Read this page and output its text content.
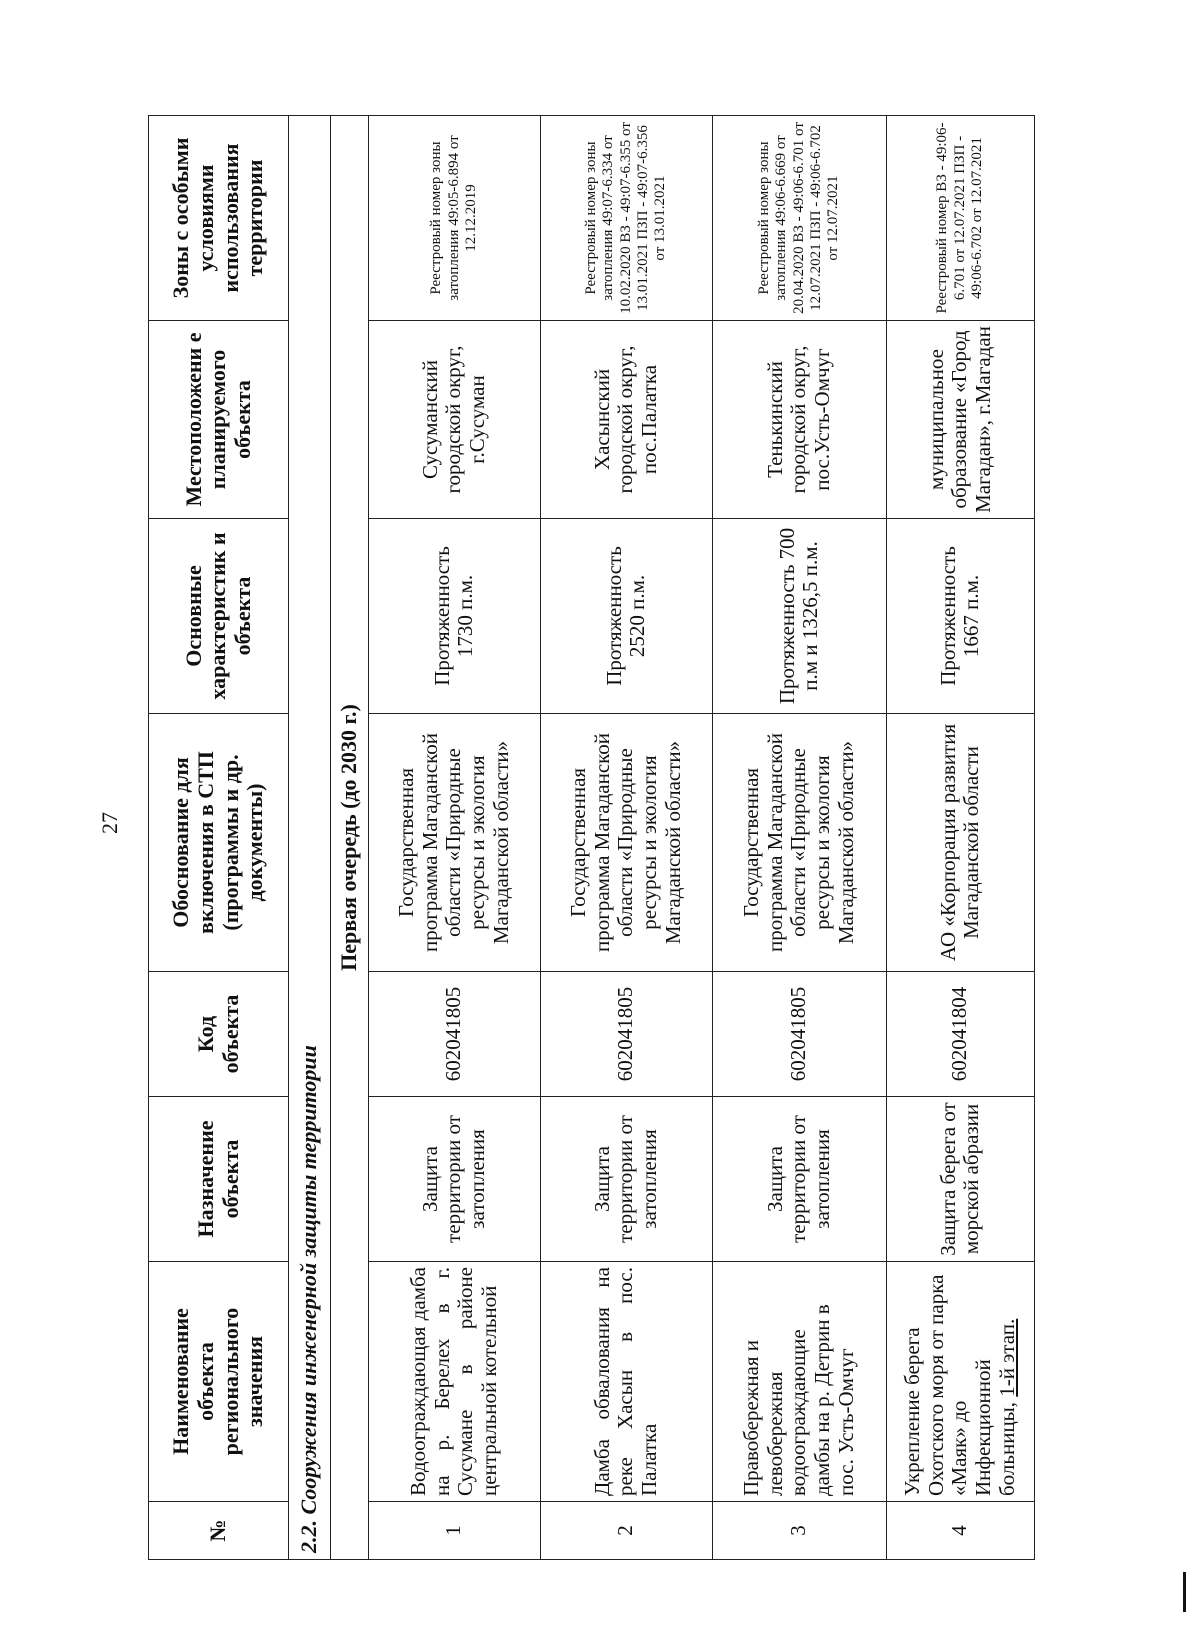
27
№	Наименование объекта регионального значения	Назначение объекта	Код объекта	Обоснование для включения в СТП (программы и др. документы)	Основные характеристик и объекта	Местоположени е планируемого объекта	Зоны с особыми условиями использования территории
2.2. Сооружения инженерной защиты территории							
Первая очередь (до 2030 г.)							
1	Водоограждающая дамба на р. Берелех в г. Сусумане в районе центральной котельной	Защита территории от затопления	602041805	Государственная программа Магаданской области «Природные ресурсы и экология Магаданской области»	Протяженность 1730 п.м.	Сусуманский городской округ, г.Сусуман	Реестровый номер зоны затопления 49:05-6.894 от 12.12.2019
2	Дамба обвалования на реке Хасын в пос. Палатка	Защита территории от затопления	602041805	Государственная программа Магаданской области «Природные ресурсы и экология Магаданской области»	Протяженность 2520 п.м.	Хасынский городской округ, пос.Палатка	Реестровый номер зоны затопления 49:07-6.334 от 10.02.2020 ВЗ - 49:07-6.355 от 13.01.2021 ПЗП - 49:07-6.356 от 13.01.2021
3	Правобережная и левобережная водоограждающие дамбы на р. Детрин в пос. Усть-Омчуг	Защита территории от затопления	602041805	Государственная программа Магаданской области «Природные ресурсы и экология Магаданской области»	Протяженность 700 п.м и 1326,5 п.м.	Тенькинский городской округ, пос.Усть-Омчуг	Реестровый номер зоны затопления 49:06-6.669 от 20.04.2020 ВЗ - 49:06-6.701 от 12.07.2021 ПЗП - 49:06-6.702 от 12.07.2021
4	Укрепление берега Охотского моря от парка «Маяк» до Инфекционной больницы, 1-й этап.	Защита берега от морской абразии	602041804	АО «Корпорация развития Магаданской области	Протяженность 1667 п.м.	муниципальное образование «Город Магадан», г.Магадан	Реестровый номер ВЗ - 49:06-6.701 от 12.07.2021 ПЗП - 49:06-6.702 от 12.07.2021
